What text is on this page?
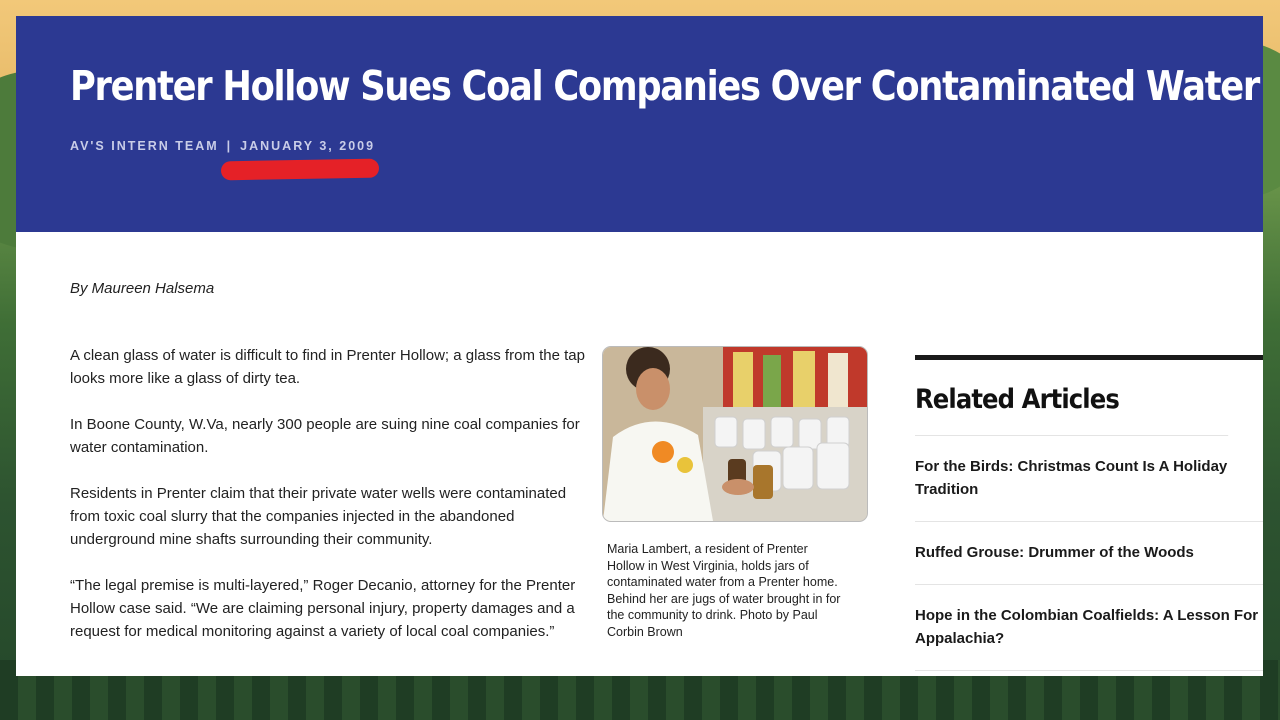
Prenter Hollow Sues Coal Companies Over Contaminated Water
AV'S INTERN TEAM | JANUARY 3, 2009
By Maureen Halsema

A clean glass of water is difficult to find in Prenter Hollow; a glass from the tap looks more like a glass of dirty tea.

In Boone County, W.Va, nearly 300 people are suing nine coal companies for water contamination.

Residents in Prenter claim that their private water wells were contaminated from toxic coal slurry that the companies injected in the abandoned underground mine shafts surrounding their community.

“The legal premise is multi-layered,” Roger Decanio, attorney for the Prenter Hollow case said. “We are claiming personal injury, property damages and a request for medical monitoring against a variety of local coal companies.”

Maria Lambert, a resident of Prenter Hollow in West Virginia, holds jars of contaminated water from a Prenter home. Behind her are jugs of water brought in for the community to drink. Photo by Paul Corbin Brown
Related Articles
For the Birds: Christmas Count Is A Holiday
Tradition
Ruffed Grouse: Drummer of the Woods
Hope in the Colombian Coalfields: A Lesson For
Appalachia?
